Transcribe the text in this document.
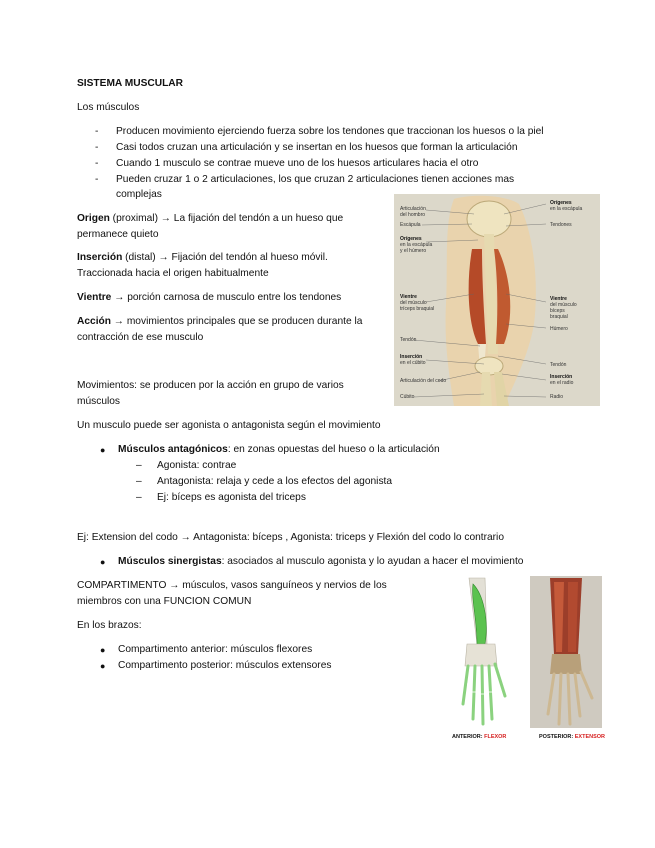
SISTEMA MUSCULAR
Los músculos
- Producen movimiento ejerciendo fuerza sobre los tendones que traccionan los huesos o la piel
- Casi todos cruzan una articulación y se insertan en los huesos que forman la articulación
- Cuando 1 musculo se contrae mueve uno de los huesos articulares hacia el otro
- Pueden cruzar 1 o 2 articulaciones, los que cruzan 2 articulaciones tienen acciones mas
complejas
Origen (proximal) → La fijación del tendón a un hueso que
permanece quieto
Inserción (distal) → Fijación del tendón al hueso móvil.
Traccionada hacia el origen habitualmente
Vientre → porción carnosa de musculo entre los tendones
Acción → movimientos principales que se producen durante la
contracción de ese musculo
Movimientos: se producen por la acción en grupo de varios
músculos
Un musculo puede ser agonista o antagonista según el movimiento
● Músculos antagónicos: en zonas opuestas del hueso o la articulación
– Agonista: contrae
– Antagonista: relaja y cede a los efectos del agonista
– Ej: bíceps es agonista del triceps
Ej: Extension del codo → Antagonista: bíceps , Agonista: triceps y Flexión del codo lo contrario
● Músculos sinergistas: asociados al musculo agonista y lo ayudan a hacer el movimiento
COMPARTIMENTO → músculos, vasos sanguíneos y nervios de los
miembros con una FUNCION COMUN
En los brazos:
● Compartimento anterior: músculos flexores
● Compartimento posterior: músculos extensores
Articulación
del hombro
Escápula
Orígenes
en la escápula
y el húmero
Vientre
del músculo
tríceps braquial
Tendón
Inserción
en el cúbito
Articulación del codo
Cúbito
Orígenes
en la escápula
Tendones
Vientre
del músculo
bíceps
braquial
Húmero
Tendón
Inserción
en el radio
Radio
ANTERIOR: FLEXOR	POSTERIOR: EXTENSOR
